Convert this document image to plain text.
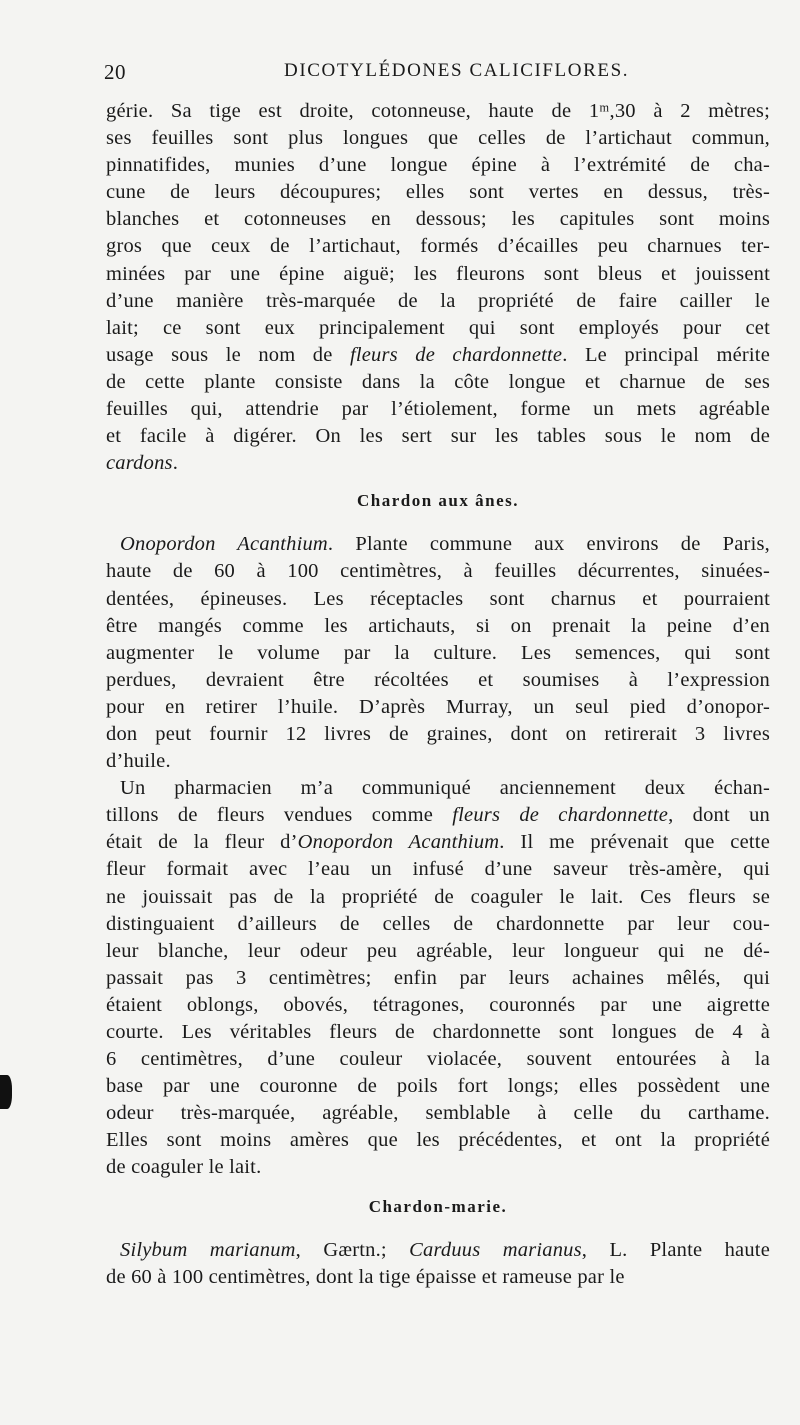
20	DICOTYLÉDONES CALICIFLORES.
gérie. Sa tige est droite, cotonneuse, haute de 1ᵐ,30 à 2 mètres;
ses feuilles sont plus longues que celles de l’artichaut commun,
pinnatifides, munies d’une longue épine à l’extrémité de cha-
cune de leurs découpures; elles sont vertes en dessus, très-
blanches et cotonneuses en dessous; les capitules sont moins
gros que ceux de l’artichaut, formés d’écailles peu charnues ter-
minées par une épine aiguë; les fleurons sont bleus et jouissent
d’une manière très-marquée de la propriété de faire cailler le
lait; ce sont eux principalement qui sont employés pour cet
usage sous le nom de fleurs de chardonnette. Le principal mérite
de cette plante consiste dans la côte longue et charnue de ses
feuilles qui, attendrie par l’étiolement, forme un mets agréable
et facile à digérer. On les sert sur les tables sous le nom de
cardons.
Chardon aux ânes.
Onopordon Acanthium. Plante commune aux environs de Paris,
haute de 60 à 100 centimètres, à feuilles décurrentes, sinuées-
dentées, épineuses. Les réceptacles sont charnus et pourraient
être mangés comme les artichauts, si on prenait la peine d’en
augmenter le volume par la culture. Les semences, qui sont
perdues, devraient être récoltées et soumises à l’expression
pour en retirer l’huile. D’après Murray, un seul pied d’onopor-
don peut fournir 12 livres de graines, dont on retirerait 3 livres
d’huile.
Un pharmacien m’a communiqué anciennement deux échan-
tillons de fleurs vendues comme fleurs de chardonnette, dont un
était de la fleur d’Onopordon Acanthium. Il me prévenait que cette
fleur formait avec l’eau un infusé d’une saveur très-amère, qui
ne jouissait pas de la propriété de coaguler le lait. Ces fleurs se
distinguaient d’ailleurs de celles de chardonnette par leur cou-
leur blanche, leur odeur peu agréable, leur longueur qui ne dé-
passait pas 3 centimètres; enfin par leurs achaines mêlés, qui
étaient oblongs, obovés, tétragones, couronnés par une aigrette
courte. Les véritables fleurs de chardonnette sont longues de 4 à
6 centimètres, d’une couleur violacée, souvent entourées à la
base par une couronne de poils fort longs; elles possèdent une
odeur très-marquée, agréable, semblable à celle du carthame.
Elles sont moins amères que les précédentes, et ont la propriété
de coaguler le lait.
Chardon-marie.
Silybum marianum, Gærtn.; Carduus marianus, L. Plante haute
de 60 à 100 centimètres, dont la tige épaisse et rameuse par le
